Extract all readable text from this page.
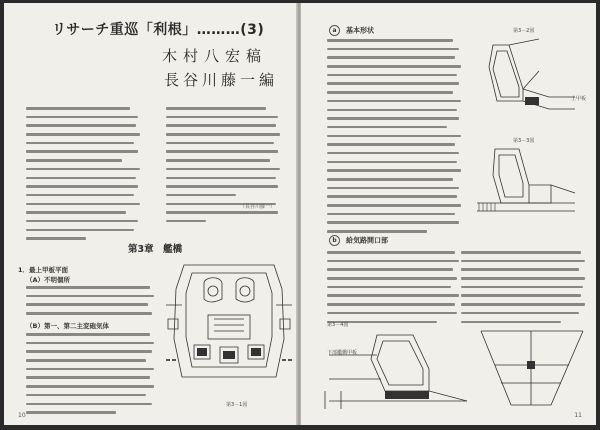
リサーチ重巡「利根」………(3)
木村八宏稿
長谷川藤一編
（長谷川藤一）
第3章　艦橋
1．最上甲板平面
（A）不明個所
（B）第一、第二主変砲気体
第3－1図
10
a 基本形状	第3－2図
上甲板
第3－3図
b 給気路開口部
第3－4図
下部艦橋甲板
11
